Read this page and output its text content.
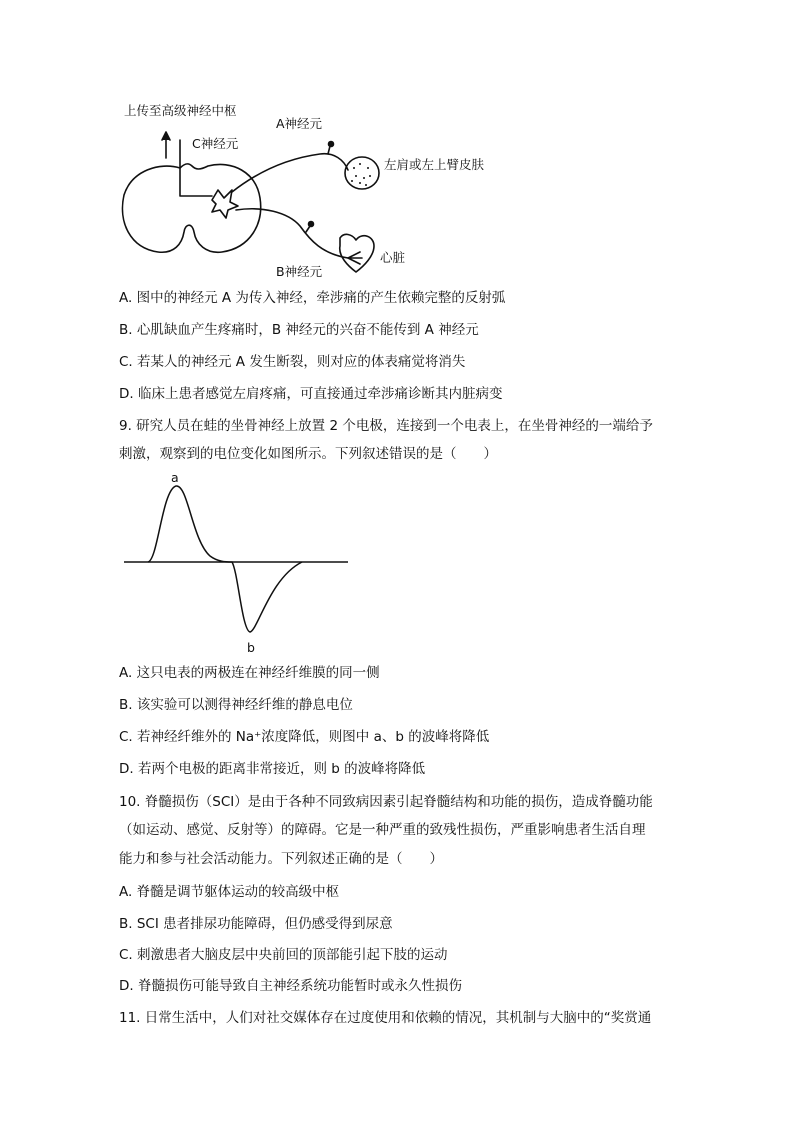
上传至高级神经中枢
C神经元
A神经元
左肩或左上臂皮肤
B神经元
心脏
A. 图中的神经元 A 为传入神经，牵涉痛的产生依赖完整的反射弧
B. 心肌缺血产生疼痛时，B 神经元的兴奋不能传到 A 神经元
C. 若某人的神经元 A 发生断裂，则对应的体表痛觉将消失
D. 临床上患者感觉左肩疼痛，可直接通过牵涉痛诊断其内脏病变
9. 研究人员在蛙的坐骨神经上放置 2 个电极，连接到一个电表上，在坐骨神经的一端给予
刺激，观察到的电位变化如图所示。下列叙述错误的是（　　）
a
b
A. 这只电表的两极连在神经纤维膜的同一侧
B. 该实验可以测得神经纤维的静息电位
C. 若神经纤维外的 Na⁺浓度降低，则图中 a、b 的波峰将降低
D. 若两个电极的距离非常接近，则 b 的波峰将降低
10. 脊髓损伤（SCI）是由于各种不同致病因素引起脊髓结构和功能的损伤，造成脊髓功能
（如运动、感觉、反射等）的障碍。它是一种严重的致残性损伤，严重影响患者生活自理
能力和参与社会活动能力。下列叙述正确的是（　　）
A. 脊髓是调节躯体运动的较高级中枢
B. SCI 患者排尿功能障碍，但仍感受得到尿意
C. 刺激患者大脑皮层中央前回的顶部能引起下肢的运动
D. 脊髓损伤可能导致自主神经系统功能暂时或永久性损伤
11. 日常生活中，人们对社交媒体存在过度使用和依赖的情况，其机制与大脑中的“奖赏通
